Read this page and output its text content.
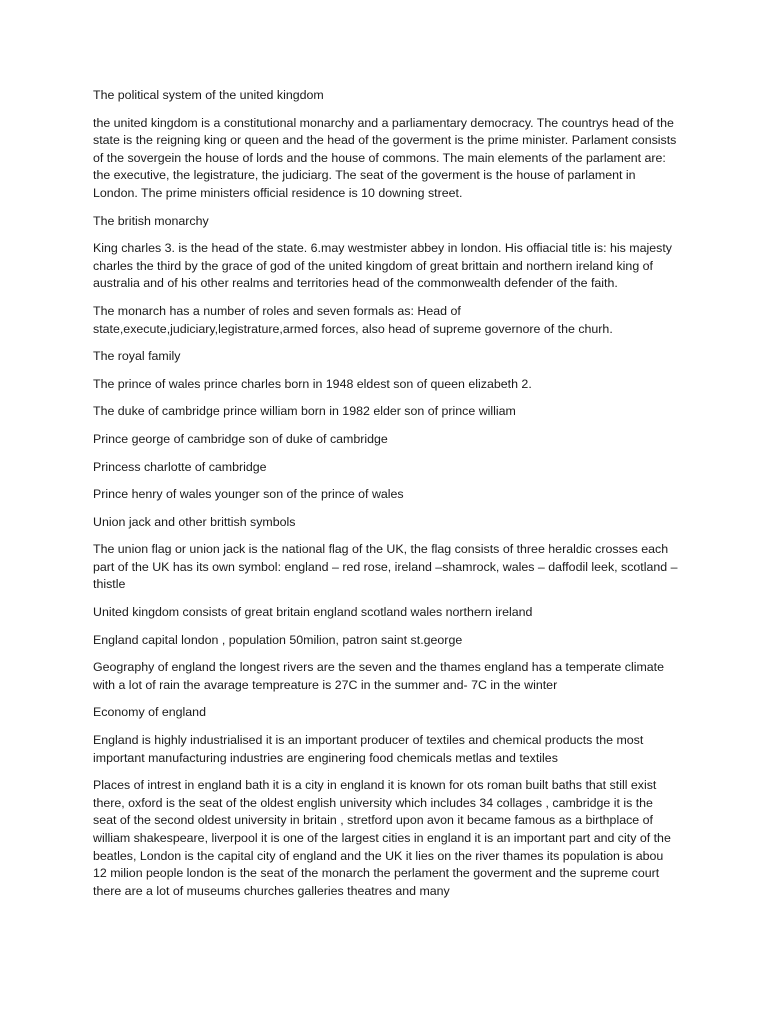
The political system of the united kingdom

the united kingdom is a constitutional monarchy and a parliamentary democracy. The countrys head of the state is the reigning king or queen and the head of the goverment is the prime minister. Parlament consists of the sovergein the house of lords and the house of commons. The main elements of the parlament are: the executive, the legistrature, the judiciarg. The seat of the goverment is the house of parlament in London. The prime ministers official residence is 10 downing street.

The british monarchy

King charles 3. is the head of the state. 6.may westmister abbey in london. His offiacial title is: his majesty charles the third by the grace of god of the united kingdom of great brittain and northern ireland king of australia and of his other realms and territories head of the commonwealth defender of the faith.

The monarch has a number of roles and seven formals as: Head of state,execute,judiciary,legistrature,armed forces, also head of supreme governore of the churh.

The royal family

The prince of wales prince charles born in 1948 eldest son of queen elizabeth 2.

The duke of cambridge prince william born in 1982 elder son of prince william

Prince george of cambridge son of duke of cambridge

Princess charlotte of cambridge

Prince henry of wales younger son of the prince of wales

Union jack and other brittish symbols

The union flag or union jack is the national flag of the UK, the flag consists of three heraldic crosses each part of the UK has its own symbol: england – red rose, ireland –shamrock, wales – daffodil leek, scotland –thistle

United kingdom consists of great britain england scotland wales northern ireland

England capital london , population 50milion, patron saint st.george

Geography of england the longest rivers are the seven and the thames england has a temperate climate with a lot of rain the avarage tempreature is 27C in the summer and- 7C in the winter

Economy of england

England is highly industrialised it is an important producer of textiles and chemical products the most important manufacturing industries are enginering food chemicals metlas and textiles

Places of intrest in england bath it is a city in england it is known for ots roman built baths that still exist there, oxford is the seat of the oldest english university which includes 34 collages , cambridge it is the seat of the second oldest university in britain , stretford upon avon it became famous as a birthplace of william shakespeare, liverpool it is one of the largest cities in england it is an important part and city of the beatles, London is the capital city of england and the UK it lies on the river thames its population is abou 12 milion people london is the seat of the monarch the perlament the goverment and the supreme court there are a lot of museums churches galleries theatres and many
